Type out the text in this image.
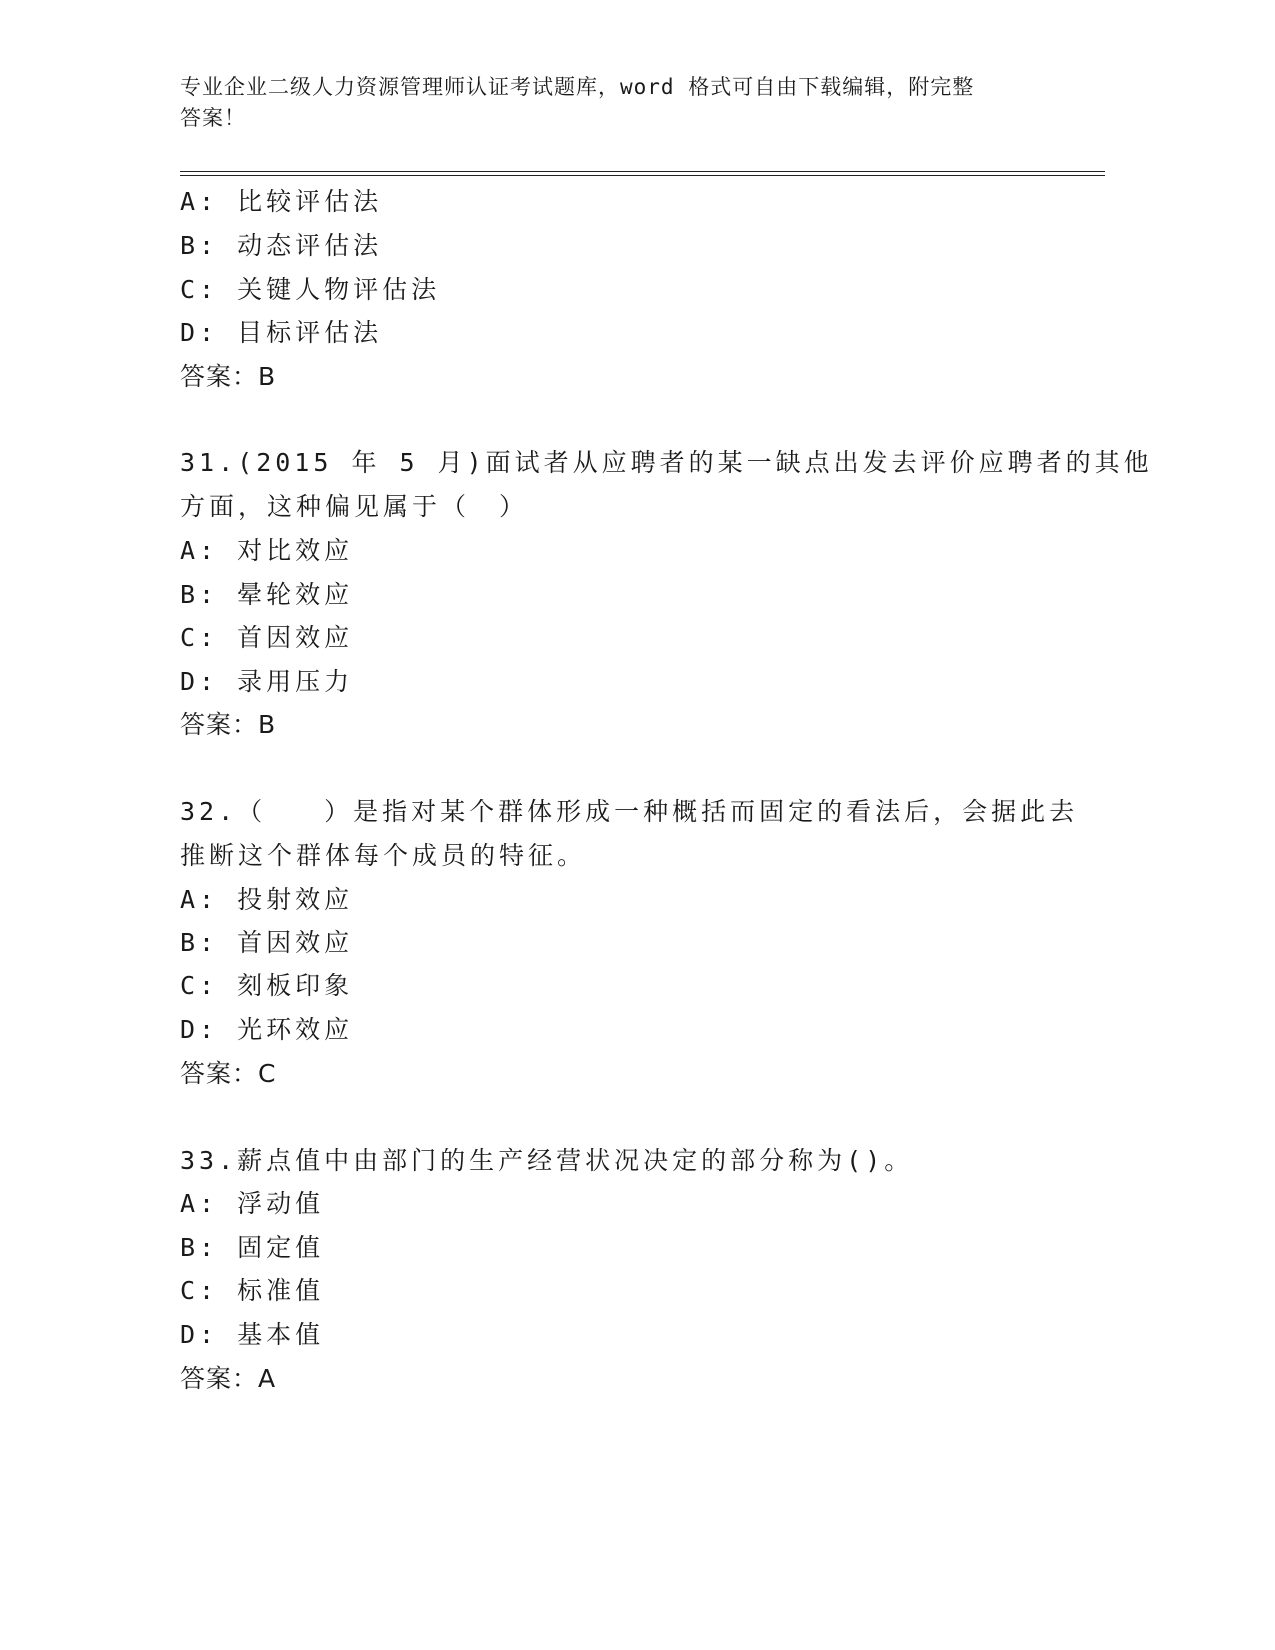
专业企业二级人力资源管理师认证考试题库，word 格式可自由下载编辑，附完整
答案！
A: 比较评估法
B: 动态评估法
C: 关键人物评估法
D: 目标评估法
答案：B
31.(2015 年 5 月)面试者从应聘者的某一缺点出发去评价应聘者的其他
方面，这种偏见属于（　）
A: 对比效应
B: 晕轮效应
C: 首因效应
D: 录用压力
答案：B
32.（　　）是指对某个群体形成一种概括而固定的看法后，会据此去
推断这个群体每个成员的特征。
A: 投射效应
B: 首因效应
C: 刻板印象
D: 光环效应
答案：C
33.薪点值中由部门的生产经营状况决定的部分称为()。
A: 浮动值
B: 固定值
C: 标准值
D: 基本值
答案：A
